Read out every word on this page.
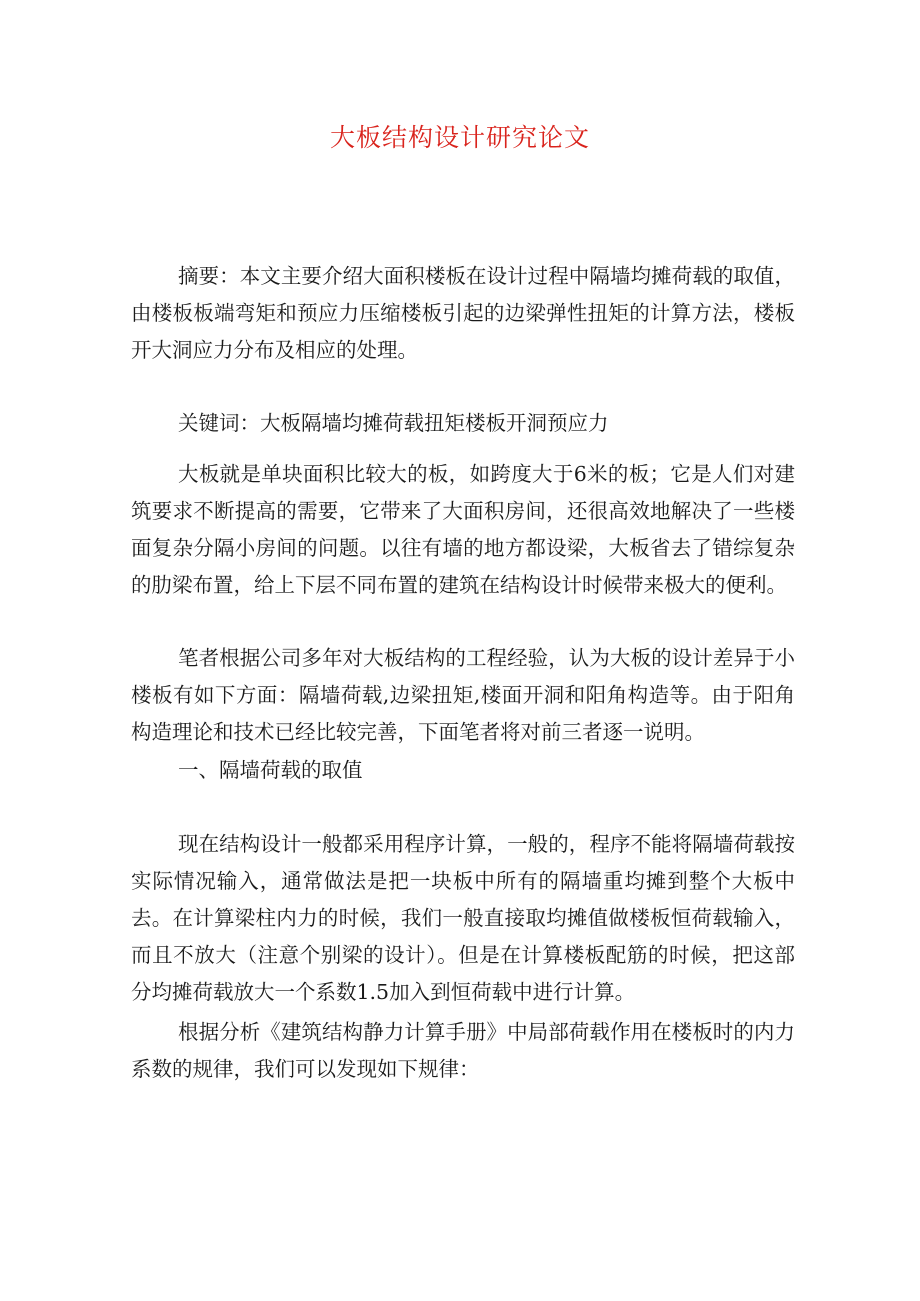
大板结构设计研究论文

摘要：本文主要介绍大面积楼板在设计过程中隔墙均摊荷载的取值，由楼板板端弯矩和预应力压缩楼板引起的边梁弹性扭矩的计算方法，楼板开大洞应力分布及相应的处理。

关键词：大板隔墙均摊荷载扭矩楼板开洞预应力

大板就是单块面积比较大的板，如跨度大于6米的板；它是人们对建筑要求不断提高的需要，它带来了大面积房间，还很高效地解决了一些楼面复杂分隔小房间的问题。以往有墙的地方都设梁，大板省去了错综复杂的肋梁布置，给上下层不同布置的建筑在结构设计时候带来极大的便利。

笔者根据公司多年对大板结构的工程经验，认为大板的设计差异于小楼板有如下方面：隔墙荷载,边梁扭矩,楼面开洞和阳角构造等。由于阳角构造理论和技术已经比较完善，下面笔者将对前三者逐一说明。

一、隔墙荷载的取值

现在结构设计一般都采用程序计算，一般的，程序不能将隔墙荷载按实际情况输入，通常做法是把一块板中所有的隔墙重均摊到整个大板中去。在计算梁柱内力的时候，我们一般直接取均摊值做楼板恒荷载输入，而且不放大（注意个别梁的设计）。但是在计算楼板配筋的时候，把这部分均摊荷载放大一个系数1.5加入到恒荷载中进行计算。

根据分析《建筑结构静力计算手册》中局部荷载作用在楼板时的内力系数的规律，我们可以发现如下规律：
